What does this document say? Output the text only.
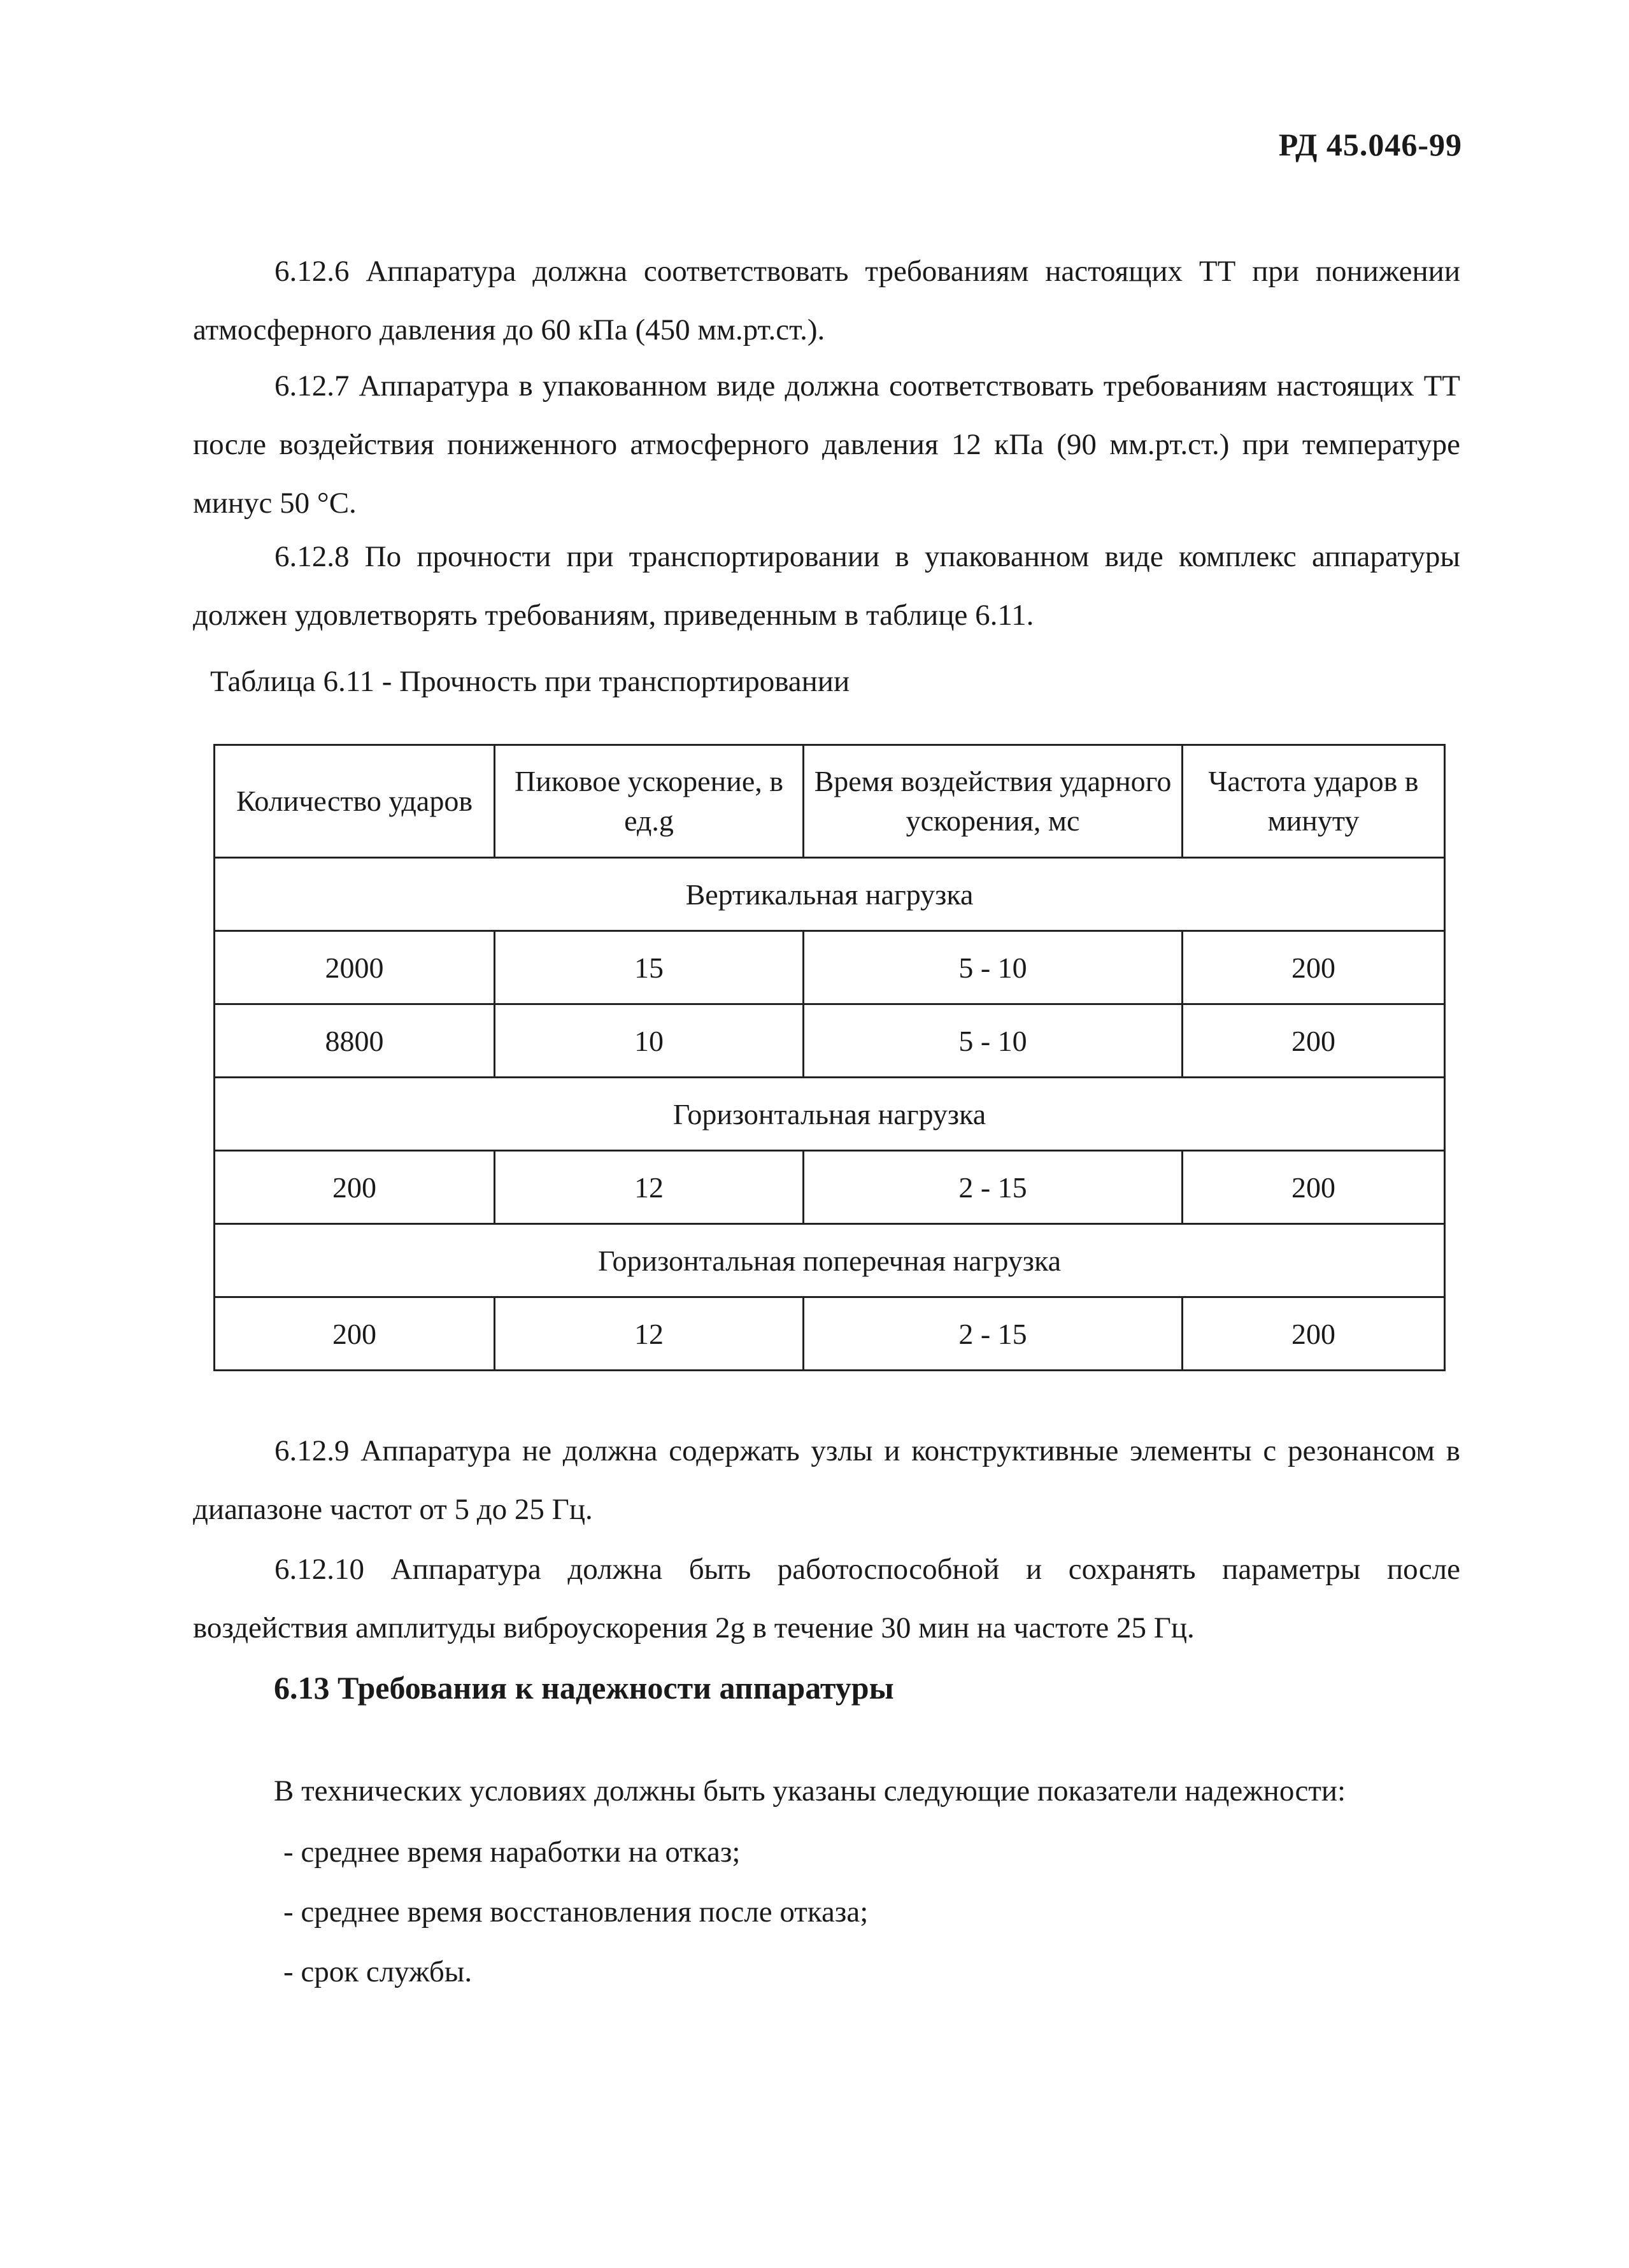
РД 45.046-99

6.12.6 Аппаратура должна соответствовать требованиям настоящих ТТ при понижении атмосферного давления до 60 кПа (450 мм.рт.ст.).

6.12.7 Аппаратура в упакованном виде должна соответствовать требованиям настоящих ТТ после воздействия пониженного атмосферного давления 12 кПа (90 мм.рт.ст.) при температуре минус 50 °С.

6.12.8 По прочности при транспортировании в упакованном виде комплекс аппаратуры должен удовлетворять требованиям, приведенным в таблице 6.11.

Таблица 6.11 - Прочность при транспортировании
Количество ударов	Пиковое ускорение, в ед.g	Время воздействия ударного ускорения, мс	Частота ударов в минуту
Вертикальная нагрузка			
2000	15	5 - 10	200
8800	10	5 - 10	200
Горизонтальная нагрузка			
200	12	2 - 15	200
Горизонтальная поперечная нагрузка			
200	12	2 - 15	200

6.12.9 Аппаратура не должна содержать узлы и конструктивные элементы с резонансом в диапазоне частот от 5 до 25 Гц.

6.12.10 Аппаратура должна быть работоспособной и сохранять параметры после воздействия амплитуды виброускорения 2g в течение 30 мин на частоте 25 Гц.

6.13 Требования к надежности аппаратуры

В технических условиях должны быть указаны следующие показатели надежности:

- среднее время наработки на отказ;

- среднее время восстановления после отказа;

- срок службы.
